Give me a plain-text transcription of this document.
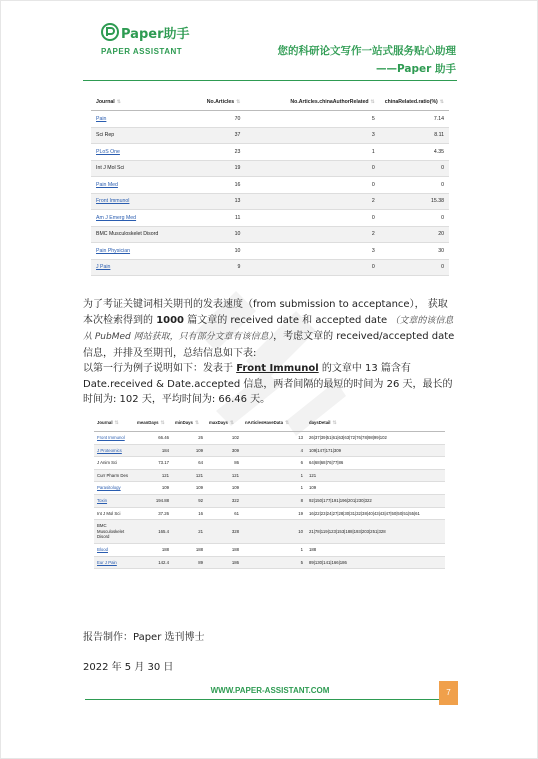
Paper助手
PAPER ASSISTANT	您的科研论文写作一站式服务贴心助理
——Paper 助手
Journal ⇅	No.Articles ⇅	No.Articles.chinaAuthorRelated ⇅	chinaRelated.ratio(%) ⇅
Pain	70	5	7.14
Sci Rep	37	3	8.11
PLoS One	23	1	4.35
Int J Mol Sci	19	0	0
Pain Med	16	0	0
Front Immunol	13	2	15.38
Am J Emerg Med	11	0	0
BMC Musculoskelet Disord	10	2	20
Pain Physician	10	3	30
J Pain	9	0	0
为了考证关键词相关期刊的发表速度（from submission to acceptance）， 获取本次检索得到的 1000 篇文章的 received date 和 accepted date （文章的该信息从 PubMed 网站获取，只有部分文章有该信息），考虑文章的 received/accepted date 信息，并排及至期刊，总结信息如下表:
以第一行为例子说明如下：发表于 Front Immunol 的文章中 13 篇含有 Date.received & Date.accepted 信息，两者间隔的最短的时间为 26 天，最长的时间为: 102 天，平均时间为: 66.46 天。
Journal ⇅	meanDays ⇅	minDays ⇅	maxDays ⇅	nArticlesHaveData ⇅	daysDetail ⇅
Front Immunol	66.46	26	102	13	26|37|39|51|61|63|63|72|76|78|98|99|102
J Proteomics	184	109	309	4	109|147|171|309
J Anim Sci	73.17	64	86	6	64|68|68|76|77|86
Curr Pharm Des	121	121	121	1	121
Parasitology	109	109	109	1	109
Toxin	194.88	92	322	8	92|150|177|191|196|201|230|322
Int J Mol Sci	37.26	16	61	19	16|22|23|24|27|28|30|31|32|38|40|43|43|47|50|50|51|55|61
BMC Musculoskelet Disord	165.4	21	328	10	21|78|119|123|153|188|193|203|251|328
Blood	188	188	188	1	188
Eur J Pain	142.4	89	186	5	89|130|141|166|186
报告制作：Paper 选刊博士
2022 年 5 月 30 日
WWW.PAPER-ASSISTANT.COM	7
